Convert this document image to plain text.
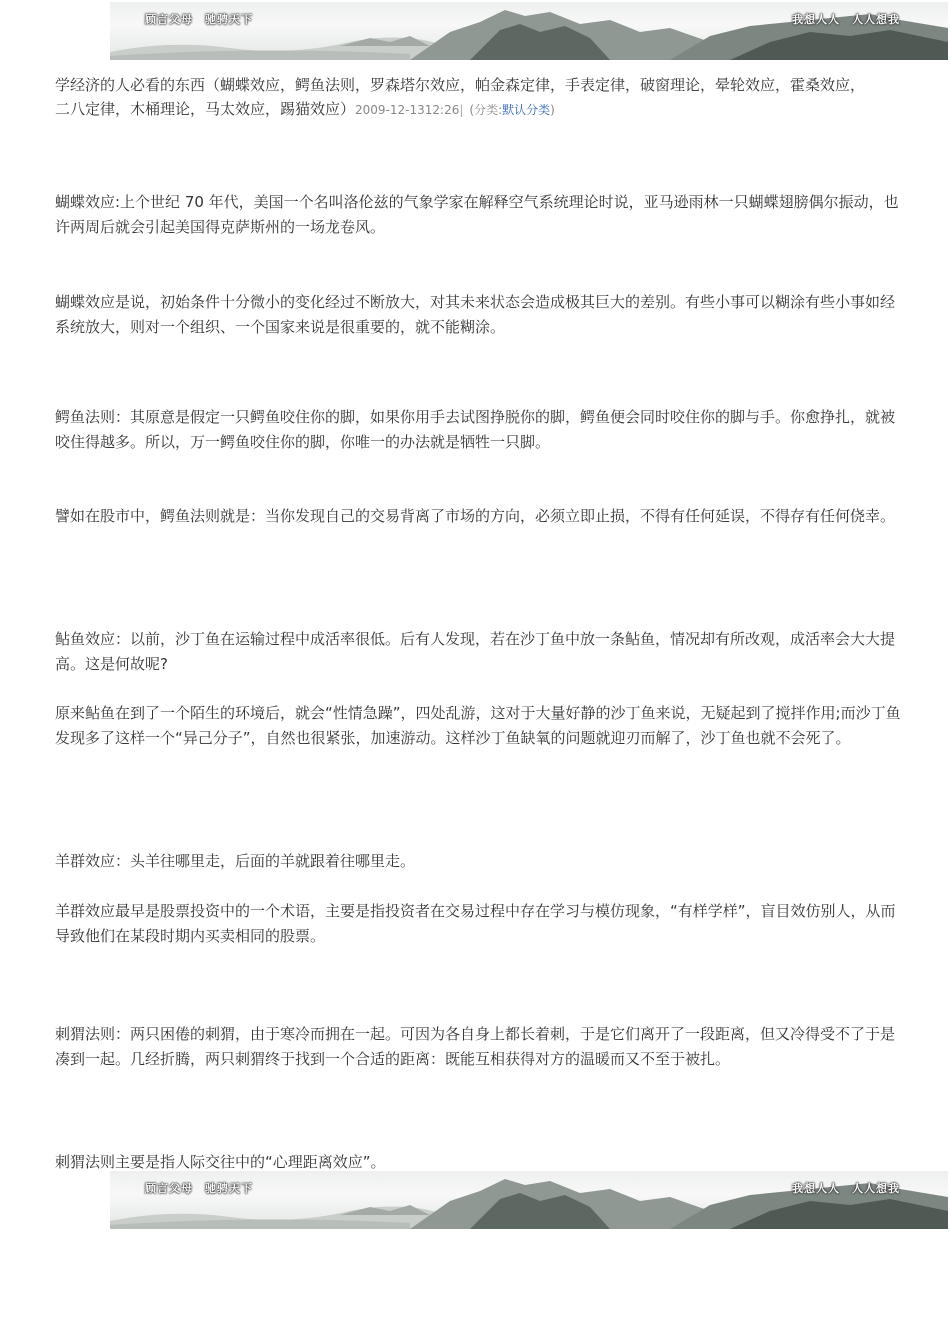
顾言父母 驰骋天下	我想人人 人人想我
学经济的人必看的东西（蝴蝶效应，鳄鱼法则，罗森塔尔效应，帕金森定律，手表定律，破窗理论，晕轮效应，霍桑效应，二八定律，木桶理论，马太效应，踢猫效应）2009-12-1312:26| (分类:默认分类)

蝴蝶效应:上个世纪 70 年代，美国一个名叫洛伦兹的气象学家在解释空气系统理论时说，亚马逊雨林一只蝴蝶翅膀偶尔振动，也许两周后就会引起美国得克萨斯州的一场龙卷风。

蝴蝶效应是说，初始条件十分微小的变化经过不断放大，对其未来状态会造成极其巨大的差别。有些小事可以糊涂有些小事如经系统放大，则对一个组织、一个国家来说是很重要的，就不能糊涂。

鳄鱼法则：其原意是假定一只鳄鱼咬住你的脚，如果你用手去试图挣脱你的脚，鳄鱼便会同时咬住你的脚与手。你愈挣扎，就被咬住得越多。所以，万一鳄鱼咬住你的脚，你唯一的办法就是牺牲一只脚。

譬如在股市中，鳄鱼法则就是：当你发现自己的交易背离了市场的方向，必须立即止损，不得有任何延误，不得存有任何侥幸。

鲇鱼效应：以前，沙丁鱼在运输过程中成活率很低。后有人发现，若在沙丁鱼中放一条鲇鱼，情况却有所改观，成活率会大大提高。这是何故呢?

原来鲇鱼在到了一个陌生的环境后，就会“性情急躁”，四处乱游，这对于大量好静的沙丁鱼来说，无疑起到了搅拌作用;而沙丁鱼发现多了这样一个“异己分子”，自然也很紧张，加速游动。这样沙丁鱼缺氧的问题就迎刃而解了，沙丁鱼也就不会死了。

羊群效应：头羊往哪里走，后面的羊就跟着往哪里走。

羊群效应最早是股票投资中的一个术语，主要是指投资者在交易过程中存在学习与模仿现象，“有样学样”，盲目效仿别人，从而导致他们在某段时期内买卖相同的股票。

刺猬法则：两只困倦的刺猬，由于寒冷而拥在一起。可因为各自身上都长着刺，于是它们离开了一段距离，但又冷得受不了于是凑到一起。几经折腾，两只刺猬终于找到一个合适的距离：既能互相获得对方的温暖而又不至于被扎。

刺猬法则主要是指人际交往中的“心理距离效应”。

顾言父母 驰骋天下	我想人人 人人想我
